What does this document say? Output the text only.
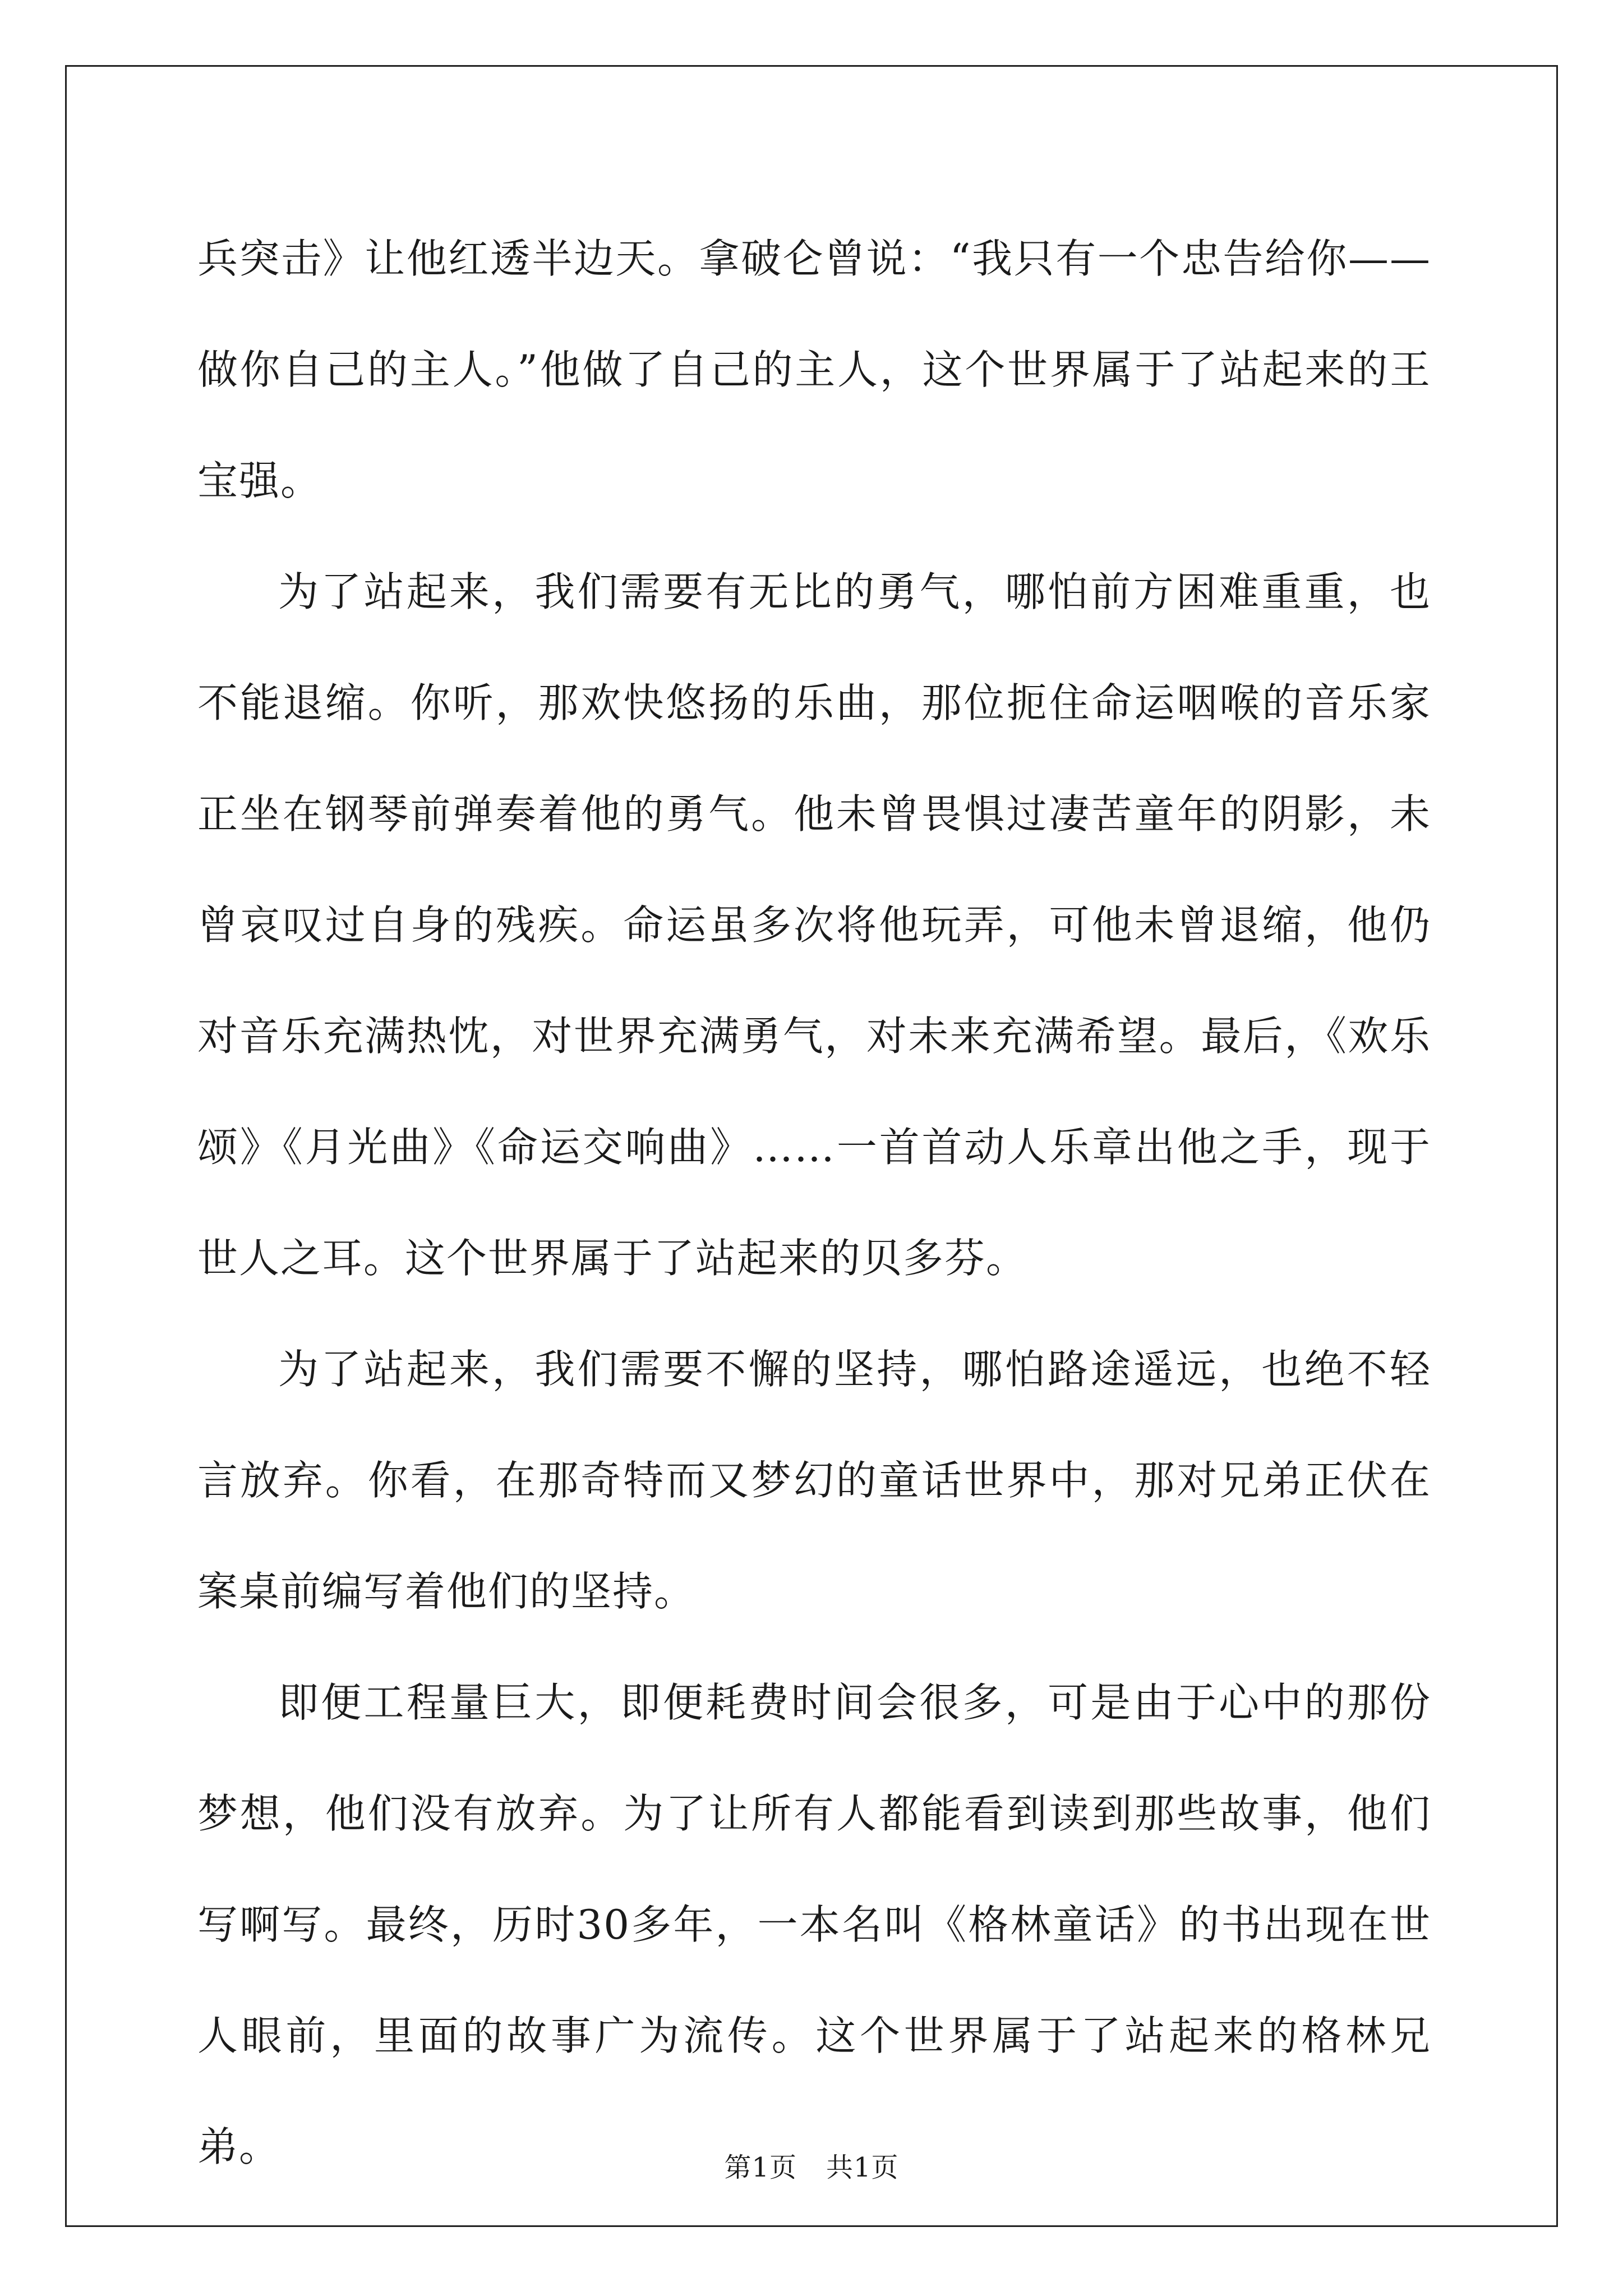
兵突击》让他红透半边天。拿破仑曾说：“我只有一个忠告给你——做你自己的主人。”他做了自己的主人，这个世界属于了站起来的王宝强。

为了站起来，我们需要有无比的勇气，哪怕前方困难重重，也不能退缩。你听，那欢快悠扬的乐曲，那位扼住命运咽喉的音乐家正坐在钢琴前弹奏着他的勇气。他未曾畏惧过凄苦童年的阴影，未曾哀叹过自身的残疾。命运虽多次将他玩弄，可他未曾退缩，他仍对音乐充满热忱，对世界充满勇气，对未来充满希望。最后，《欢乐颂》《月光曲》《命运交响曲》……一首首动人乐章出他之手，现于世人之耳。这个世界属于了站起来的贝多芬。

为了站起来，我们需要不懈的坚持，哪怕路途遥远，也绝不轻言放弃。你看，在那奇特而又梦幻的童话世界中，那对兄弟正伏在案桌前编写着他们的坚持。

即便工程量巨大，即便耗费时间会很多，可是由于心中的那份梦想，他们没有放弃。为了让所有人都能看到读到那些故事，他们写啊写。最终，历时30多年，一本名叫《格林童话》的书出现在世人眼前，里面的故事广为流传。这个世界属于了站起来的格林兄弟。	第1页 共1页
